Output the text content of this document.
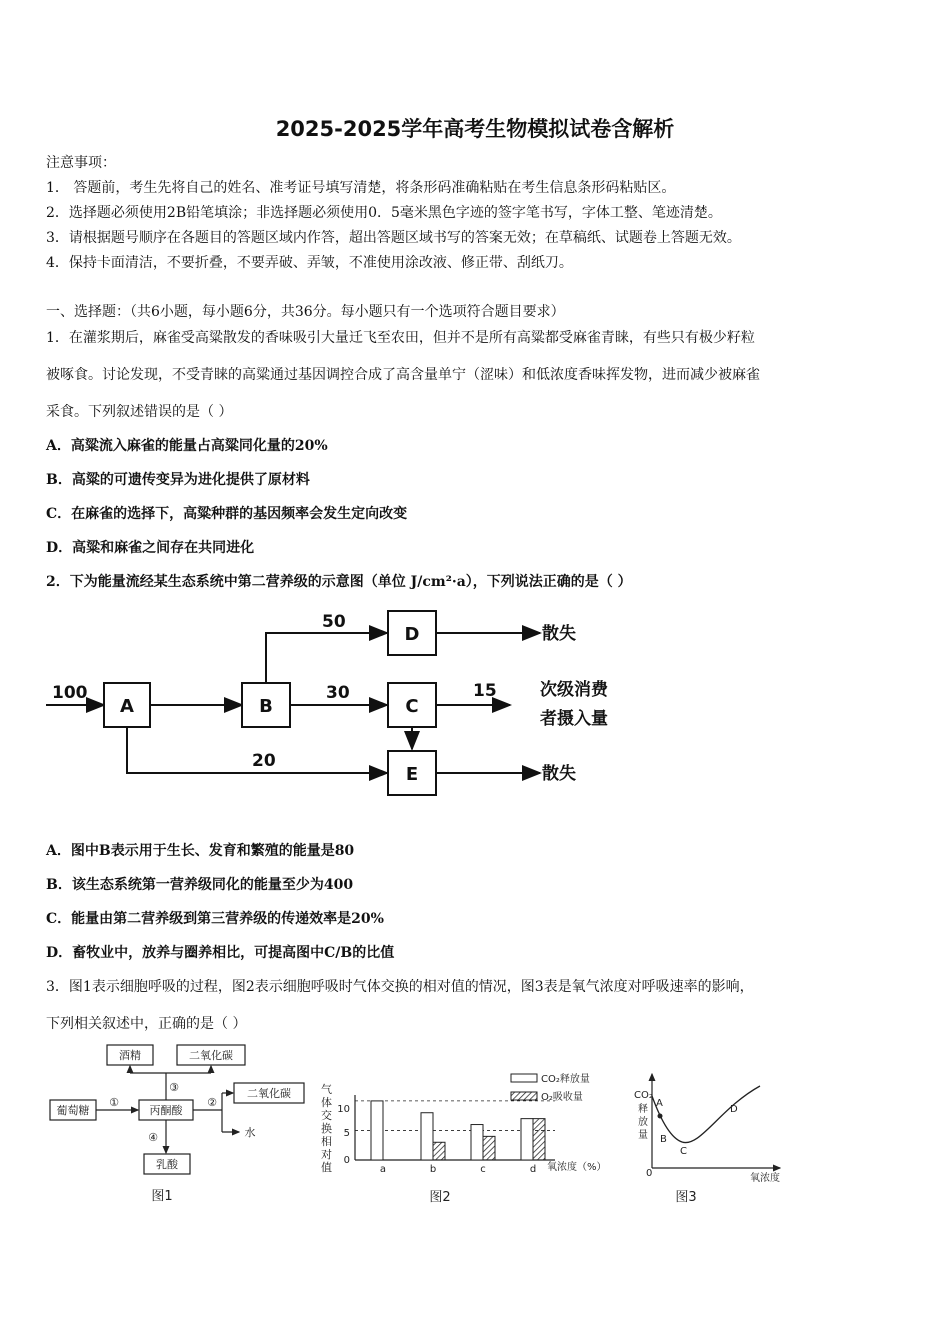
2025-2025学年高考生物模拟试卷含解析
注意事项：
1． 答题前，考生先将自己的姓名、准考证号填写清楚，将条形码准确粘贴在考生信息条形码粘贴区。
2．选择题必须使用2B铅笔填涂；非选择题必须使用0．5毫米黑色字迹的签字笔书写，字体工整、笔迹清楚。
3．请根据题号顺序在各题目的答题区域内作答，超出答题区域书写的答案无效；在草稿纸、试题卷上答题无效。
4．保持卡面清洁，不要折叠，不要弄破、弄皱，不准使用涂改液、修正带、刮纸刀。
一、选择题：（共6小题，每小题6分，共36分。每小题只有一个选项符合题目要求）
1．在灌浆期后，麻雀受高粱散发的香味吸引大量迁飞至农田，但并不是所有高粱都受麻雀青睐，有些只有极少籽粒
被啄食。讨论发现，不受青睐的高粱通过基因调控合成了高含量单宁（涩味）和低浓度香味挥发物，进而减少被麻雀
采食。下列叙述错误的是（ ）
A．高粱流入麻雀的能量占高粱同化量的20%
B．高粱的可遗传变异为进化提供了原材料
C．在麻雀的选择下，高粱种群的基因频率会发生定向改变
D．高粱和麻雀之间存在共同进化
2．下为能量流经某生态系统中第二营养级的示意图（单位 J/cm²·a），下列说法正确的是（ ）
A	B	C
D
E
100
50
30	15
20
散失
散失
次级消费
者摄入量
A．图中B表示用于生长、发育和繁殖的能量是80
B．该生态系统第一营养级同化的能量至少为400
C．能量由第二营养级到第三营养级的传递效率是20%
D．畜牧业中，放养与圈养相比，可提高图中C/B的比值
3．图1表示细胞呼吸的过程，图2表示细胞呼吸时气体交换的相对值的情况，图3表是氧气浓度对呼吸速率的影响，
下列相关叙述中，正确的是（ ）
葡萄糖	丙酮酸
酒精	二氧化碳
二氧化碳
水
乳酸
①
③
②
④
图1
气
体
交
换
相
对
值	a	b	c	d
10
5
0
CO₂释放量
O₂吸收量
氧浓度（%）
图2
CO₂
释
放
量
A
B
C
D
0	氧浓度
图3
